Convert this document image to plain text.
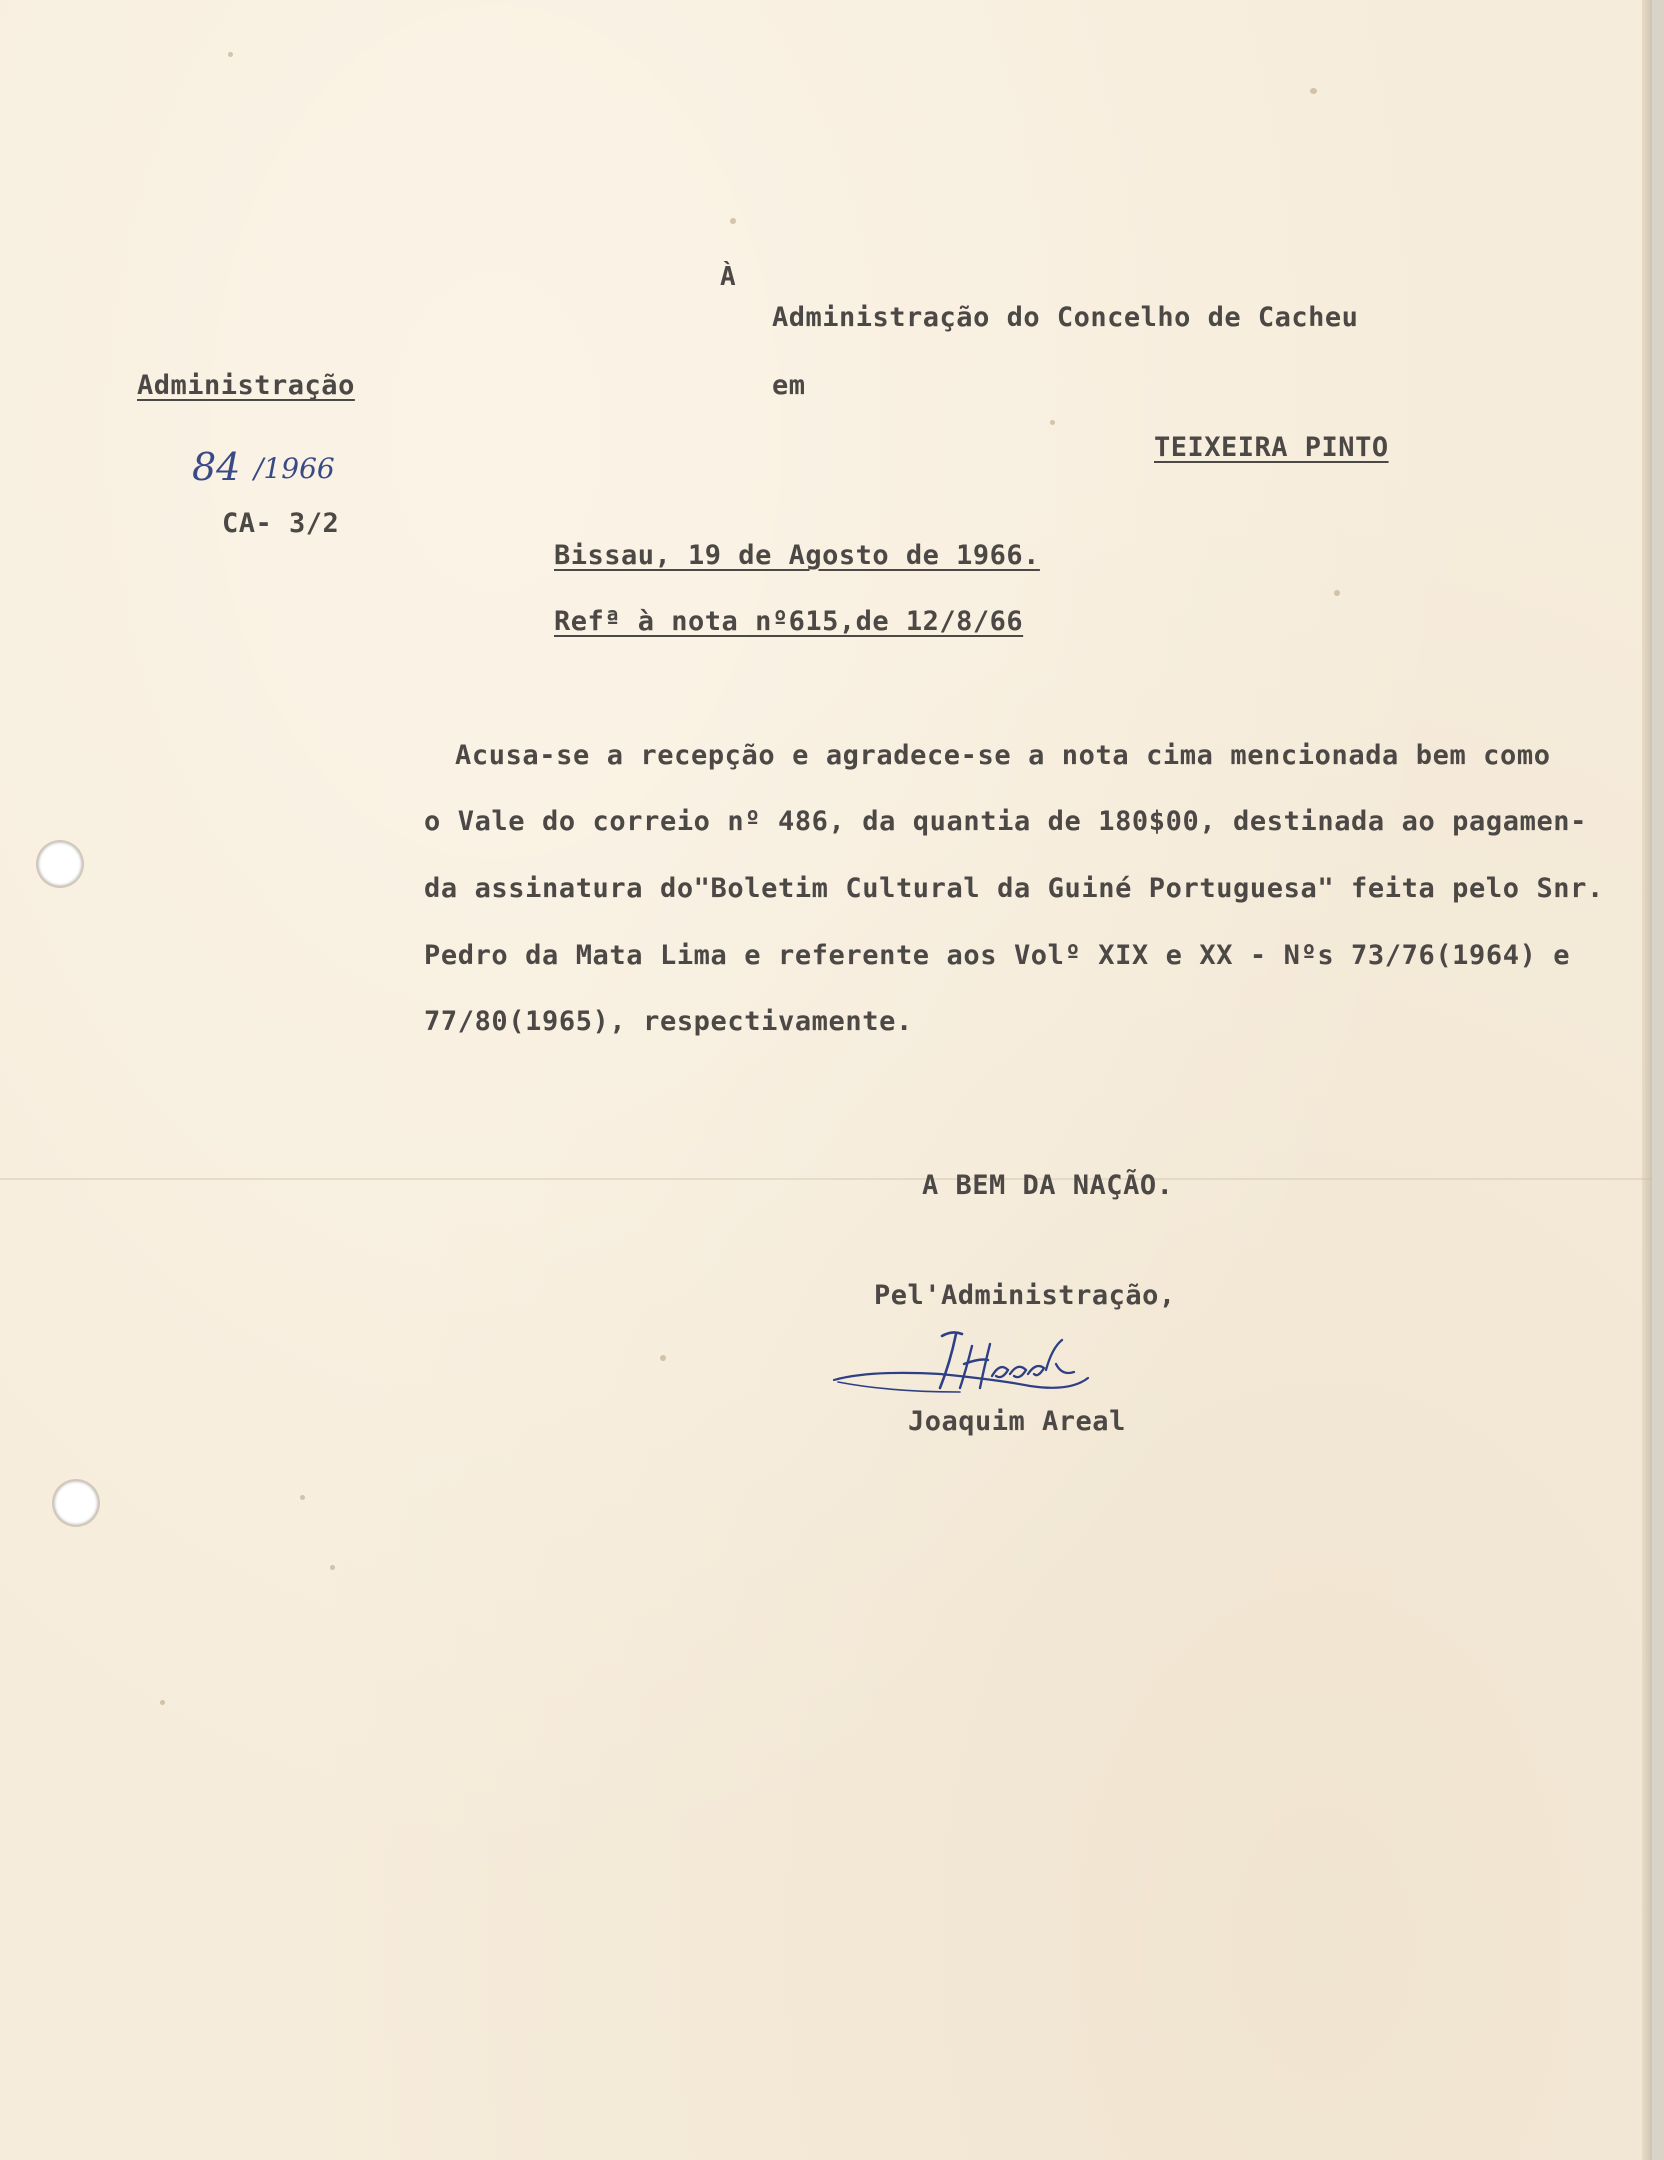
À
Administração do Concelho de Cacheu
em
TEIXEIRA PINTO
Administração
84 /1966
CA- 3/2
Bissau, 19 de Agosto de 1966.
Refª à nota nº615,de 12/8/66
Acusa-se a recepção e agradece-se a nota cima mencionada bem como
o Vale do correio nº 486, da quantia de 180$00, destinada ao pagamen-
da assinatura do"Boletim Cultural da Guiné Portuguesa" feita pelo Snr.
Pedro da Mata Lima e referente aos Volº XIX e XX - Nºs 73/76(1964) e
77/80(1965), respectivamente.
A BEM DA NAÇÃO.
Pel'Administração,
Joaquim Areal
